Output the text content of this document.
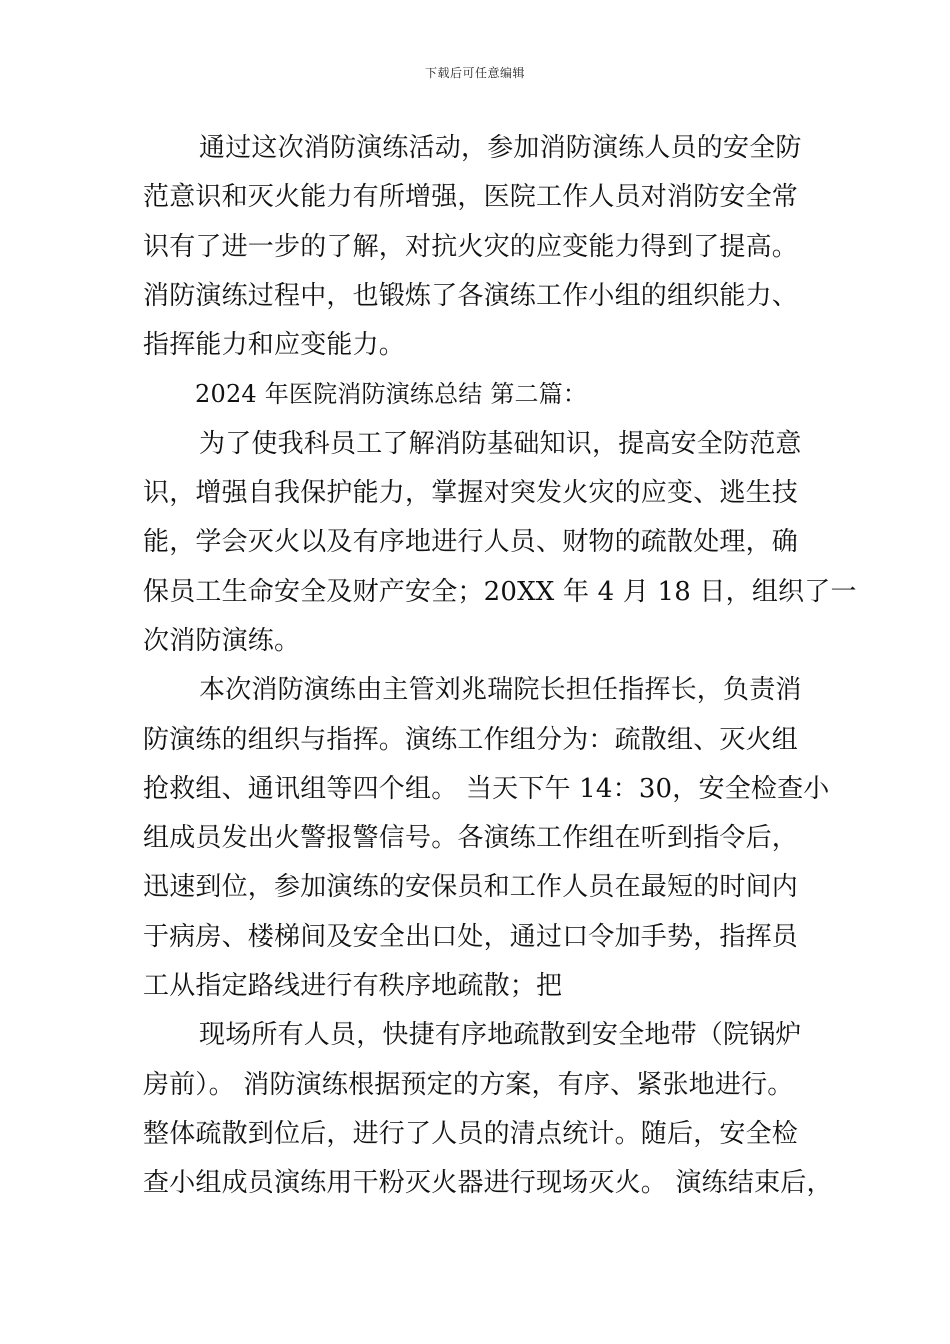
下载后可任意编辑
通过这次消防演练活动，参加消防演练人员的安全防
范意识和灭火能力有所增强，医院工作人员对消防安全常
识有了进一步的了解，对抗火灾的应变能力得到了提高。
消防演练过程中，也锻炼了各演练工作小组的组织能力、
指挥能力和应变能力。
2024 年医院消防演练总结 第二篇：
为了使我科员工了解消防基础知识，提高安全防范意
识，增强自我保护能力，掌握对突发火灾的应变、逃生技
能，学会灭火以及有序地进行人员、财物的疏散处理，确
保员工生命安全及财产安全；20XX 年 4 月 18 日，组织了一
次消防演练。
本次消防演练由主管刘兆瑞院长担任指挥长，负责消
防演练的组织与指挥。演练工作组分为：疏散组、灭火组
抢救组、通讯组等四个组。 当天下午 14：30，安全检查小
组成员发出火警报警信号。各演练工作组在听到指令后，
迅速到位，参加演练的安保员和工作人员在最短的时间内
于病房、楼梯间及安全出口处，通过口令加手势，指挥员
工从指定路线进行有秩序地疏散；把
现场所有人员，快捷有序地疏散到安全地带（院锅炉
房前）。 消防演练根据预定的方案，有序、紧张地进行。
整体疏散到位后，进行了人员的清点统计。随后，安全检
查小组成员演练用干粉灭火器进行现场灭火。 演练结束后，
